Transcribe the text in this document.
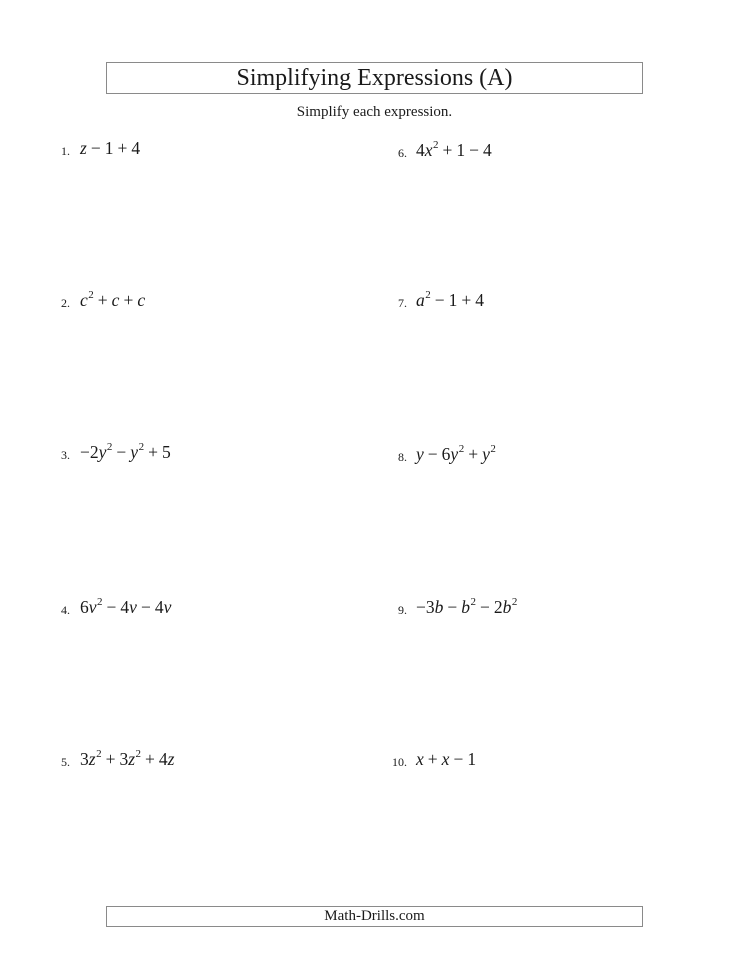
Simplifying Expressions (A)
Simplify each expression.
1. z − 1 + 4
2. $c^2 + c + c$
3. $-2y^2 - y^2 + 5$
4. $6v^2 - 4v - 4v$
5. $3z^2 + 3z^2 + 4z$
6. $4x^2 + 1 - 4$
7. $a^2 - 1 + 4$
8. $y - 6y^2 + y^2$
9. $-3b - b^2 - 2b^2$
10. x + x − 1
Math-Drills.com
